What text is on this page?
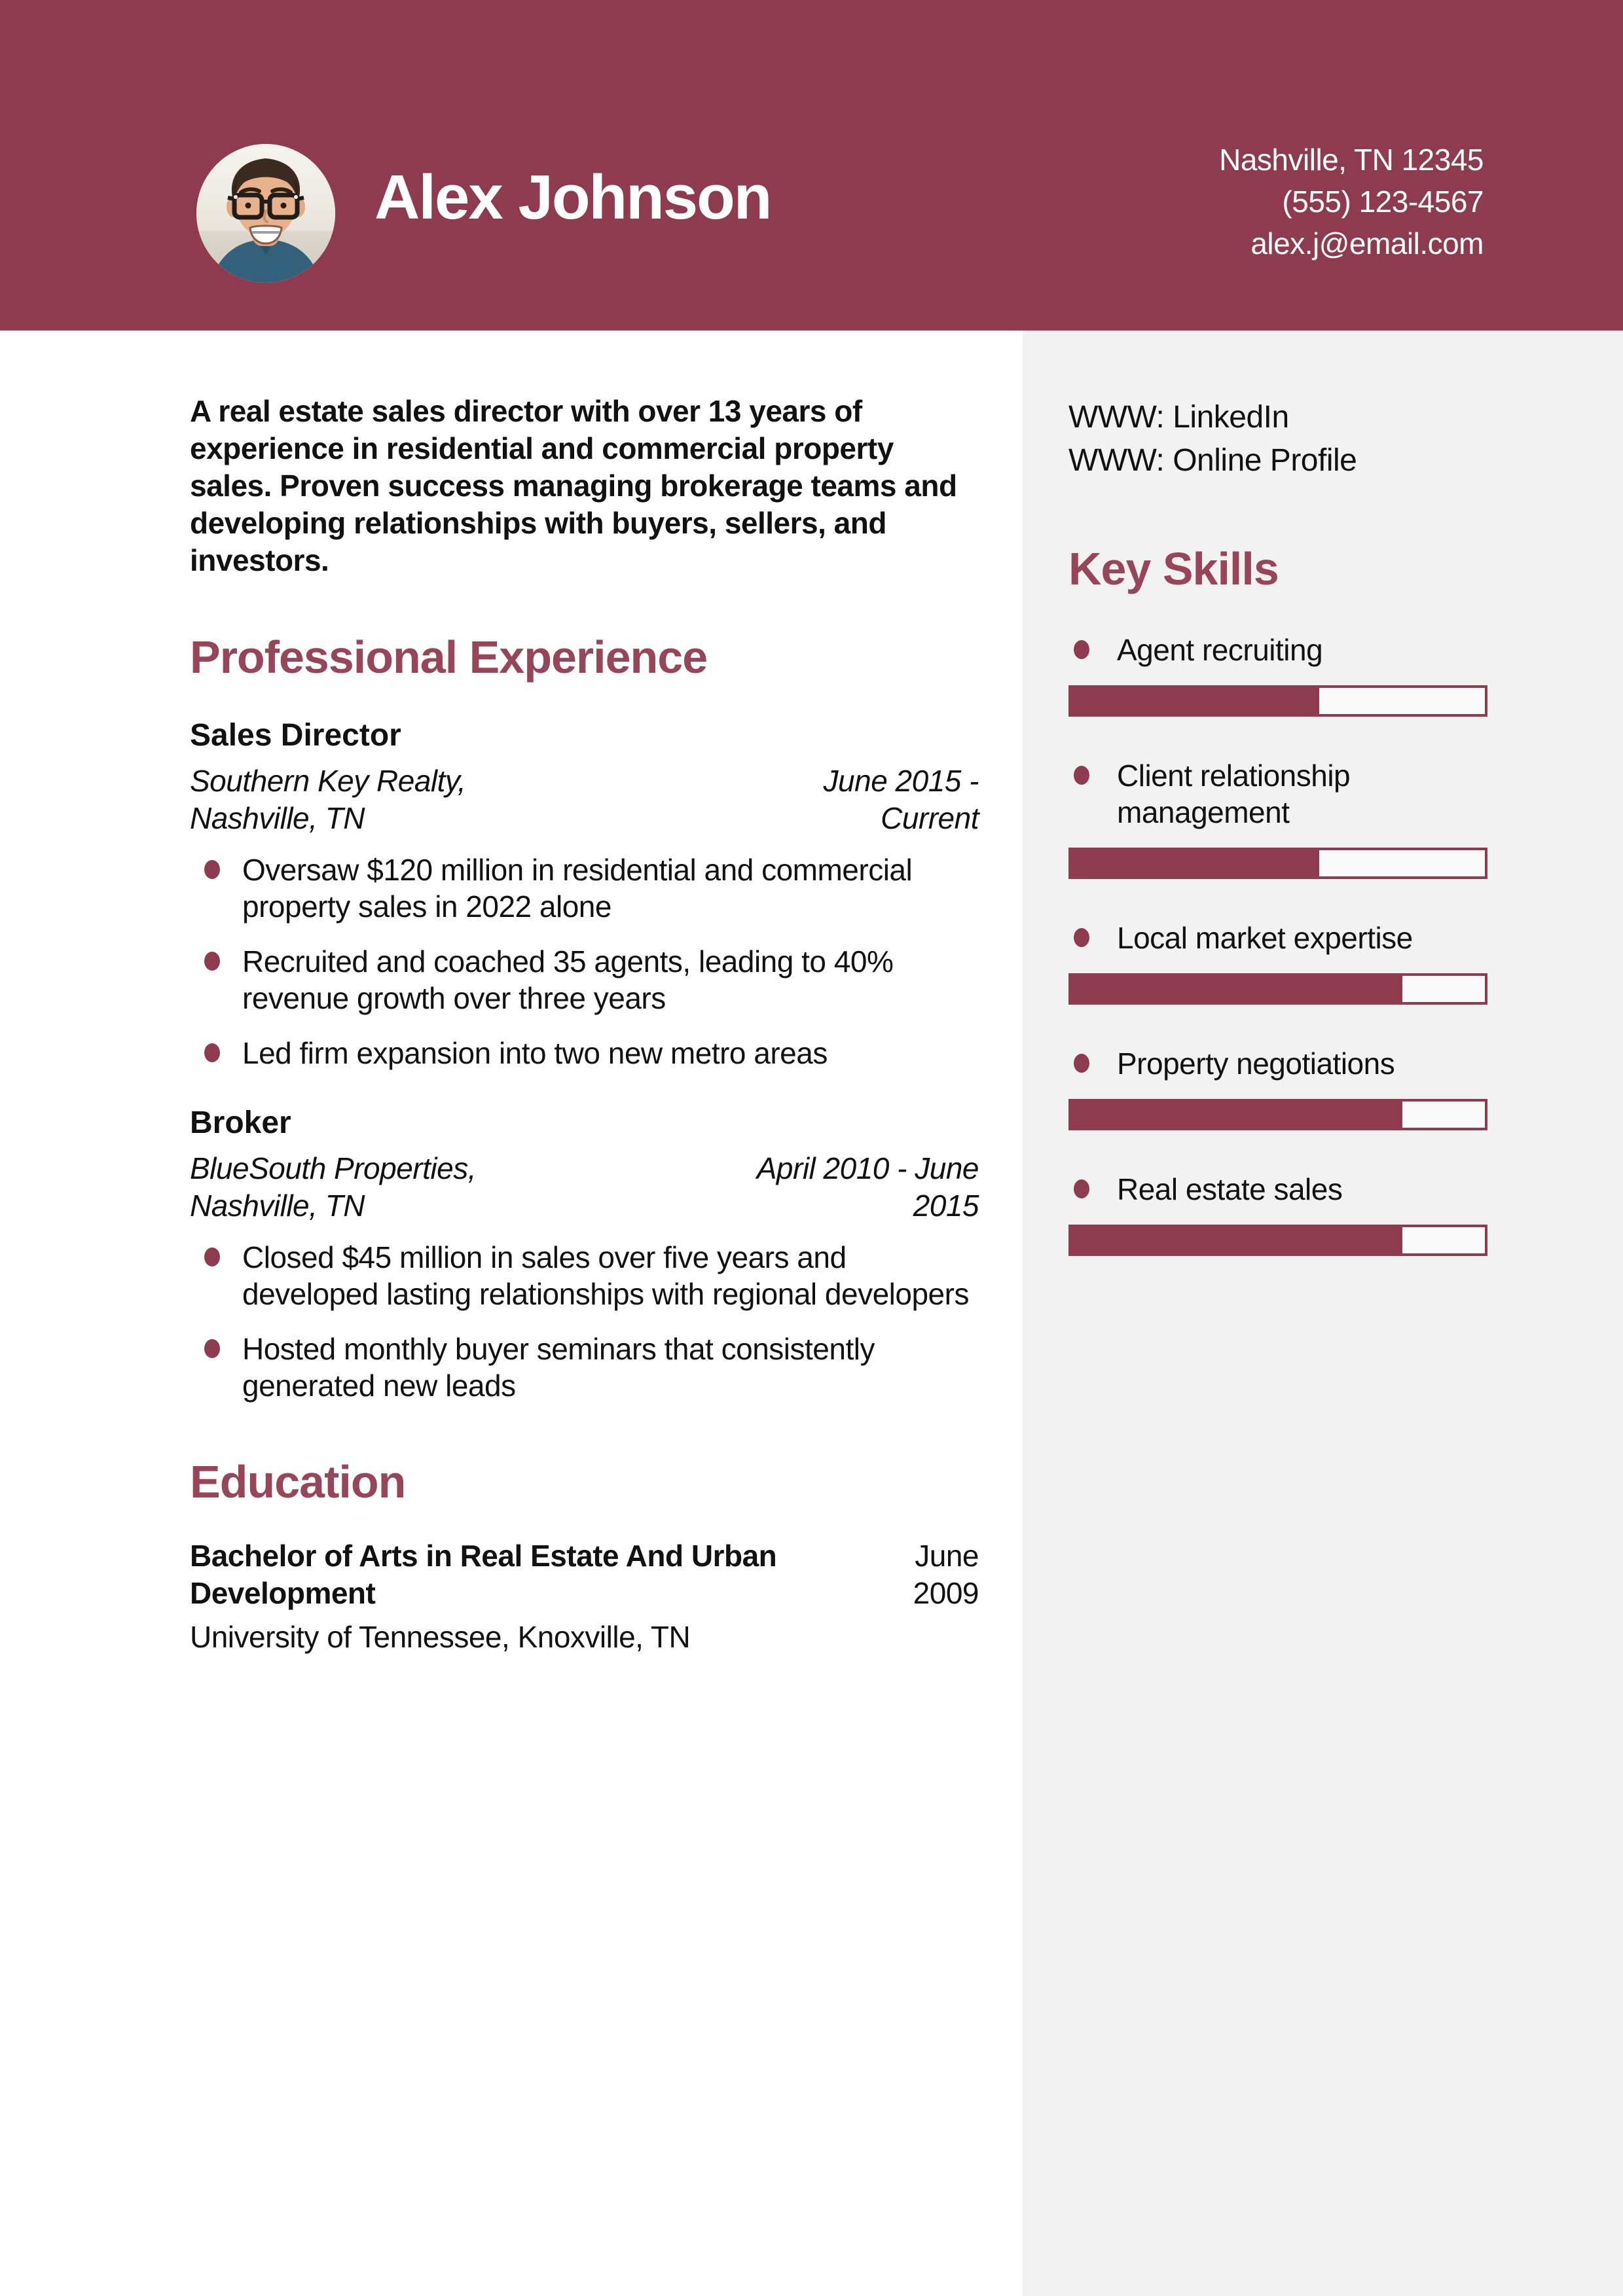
Alex Johnson
Nashville, TN 12345
(555) 123-4567
alex.j@email.com
WWW: LinkedIn
WWW: Online Profile
Key Skills
Agent recruiting
Client relationship management
Local market expertise
Property negotiations
Real estate sales

A real estate sales director with over 13 years of experience in residential and commercial property sales. Proven success managing brokerage teams and developing relationships with buyers, sellers, and investors.

Professional Experience
Sales Director
Southern Key Realty, Nashville, TN
June 2015 - Current
Oversaw $120 million in residential and commercial property sales in 2022 alone
Recruited and coached 35 agents, leading to 40% revenue growth over three years
Led firm expansion into two new metro areas
Broker
BlueSouth Properties, Nashville, TN
April 2010 - June 2015
Closed $45 million in sales over five years and developed lasting relationships with regional developers
Hosted monthly buyer seminars that consistently generated new leads
Education
Bachelor of Arts in Real Estate And Urban Development
June 2009
University of Tennessee, Knoxville, TN
